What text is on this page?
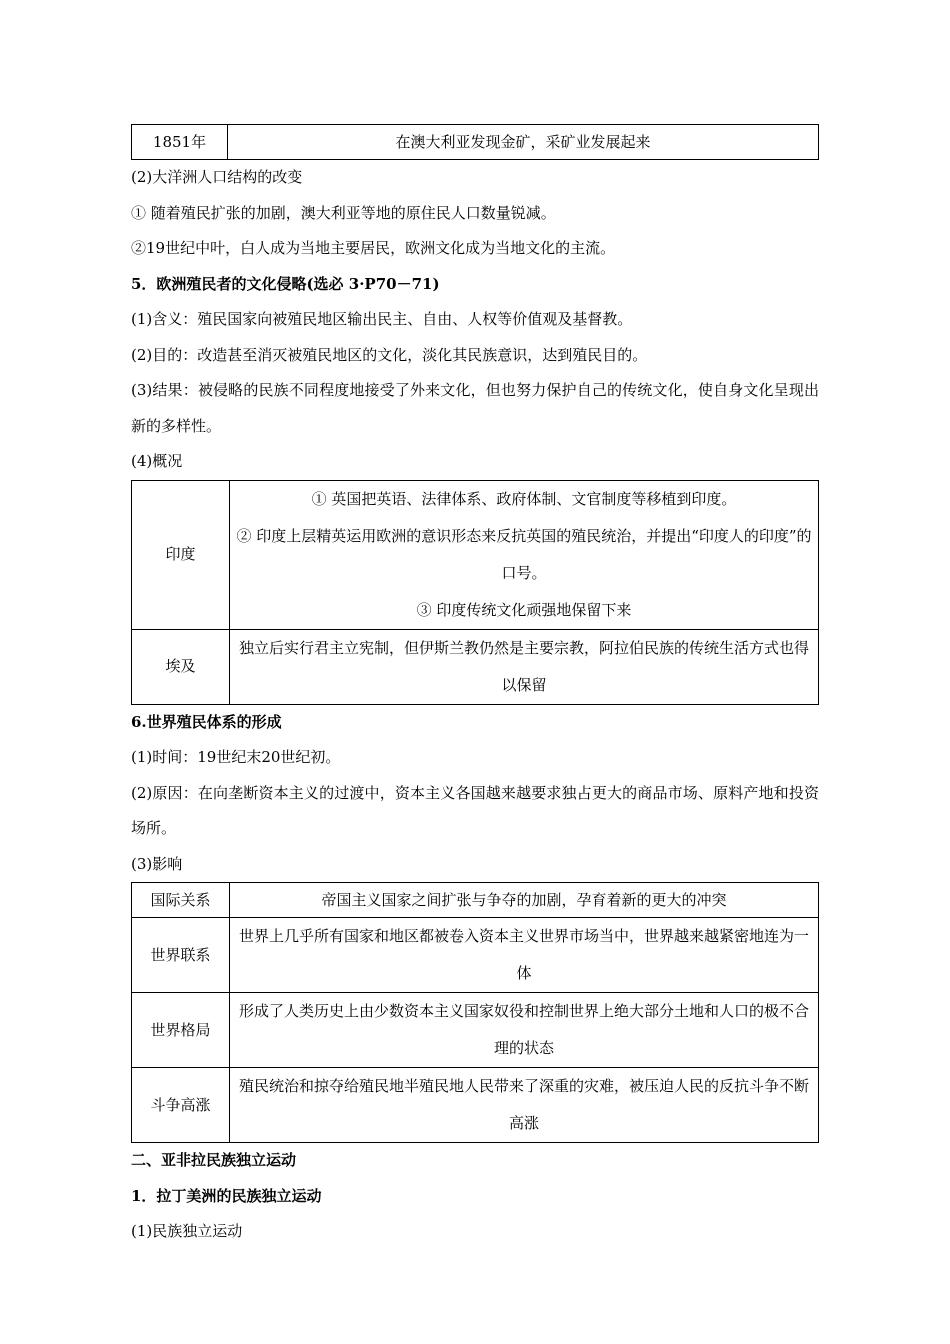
1851年	在澳大利亚发现金矿，采矿业发展起来
(2)大洋洲人口结构的改变
① 随着殖民扩张的加剧，澳大利亚等地的原住民人口数量锐减。
②19世纪中叶，白人成为当地主要居民，欧洲文化成为当地文化的主流。
5．欧洲殖民者的文化侵略(选必 3·P70－71)
(1)含义：殖民国家向被殖民地区输出民主、自由、人权等价值观及基督教。
(2)目的：改造甚至消灭被殖民地区的文化，淡化其民族意识，达到殖民目的。
(3)结果：被侵略的民族不同程度地接受了外来文化，但也努力保护自己的传统文化，使自身文化呈现出新的多样性。
(4)概况
印度	① 英国把英语、法律体系、政府体制、文官制度等移植到印度。
② 印度上层精英运用欧洲的意识形态来反抗英国的殖民统治，并提出“印度人的印度”的口号。
③ 印度传统文化顽强地保留下来

埃及	独立后实行君主立宪制，但伊斯兰教仍然是主要宗教，阿拉伯民族的传统生活方式也得以保留
6.世界殖民体系的形成
(1)时间：19世纪末20世纪初。
(2)原因：在向垄断资本主义的过渡中，资本主义各国越来越要求独占更大的商品市场、原料产地和投资场所。
(3)影响
国际关系	帝国主义国家之间扩张与争夺的加剧，孕育着新的更大的冲突
世界联系	世界上几乎所有国家和地区都被卷入资本主义世界市场当中，世界越来越紧密地连为一体
世界格局	形成了人类历史上由少数资本主义国家奴役和控制世界上绝大部分土地和人口的极不合理的状态
斗争高涨	殖民统治和掠夺给殖民地半殖民地人民带来了深重的灾难，被压迫人民的反抗斗争不断高涨
二、亚非拉民族独立运动
1．拉丁美洲的民族独立运动
(1)民族独立运动
